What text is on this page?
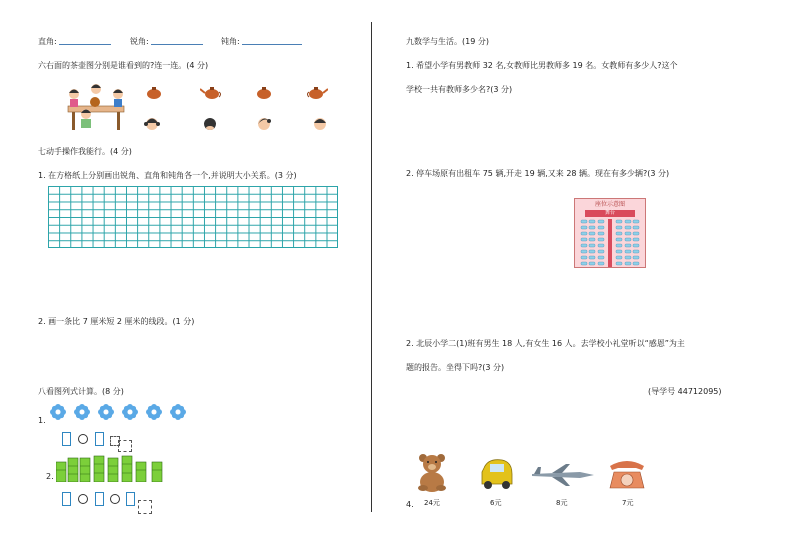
直角:	锐角:	钝角:
六右面的茶壶图分别是谁看到的?连一连。(4 分)
七动手操作我能行。(4 分)
1. 在方格纸上分别画出锐角、直角和钝角各一个,并说明大小关系。(3 分)
2. 画一条比 7 厘米短 2 厘米的线段。(1 分)
八看图列式计算。(8 分)
1.
2.
九数学与生活。(19 分)
1. 希望小学有男教师 32 名,女教师比男教师多 19 名。女教师有多少人?这个
学校一共有教师多少名?(3 分)
2. 停车场原有出租车 75 辆,开走 19 辆,又来 28 辆。现在有多少辆?(3 分)
座位示意图
舞台
2. 北辰小学二(1)班有男生 18 人,有女生 16 人。去学校小礼堂听以“感恩”为主
题的报告。坐得下吗?(3 分)
(导学号 44712095)
24元	6元	8元	7元
4.
